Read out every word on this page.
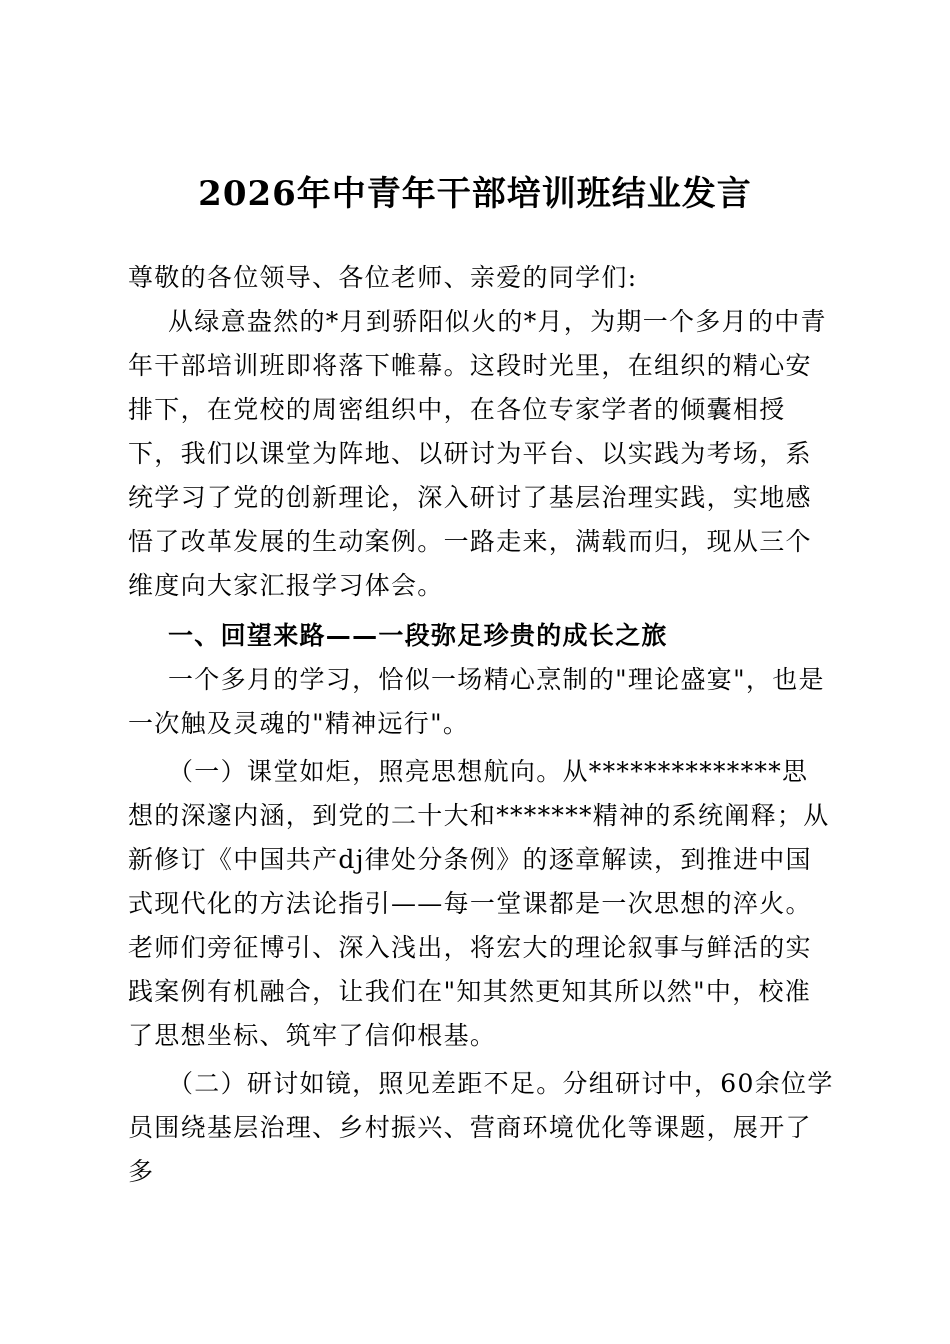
2026年中青年干部培训班结业发言

尊敬的各位领导、各位老师、亲爱的同学们:

从绿意盎然的*月到骄阳似火的*月，为期一个多月的中青年干部培训班即将落下帷幕。这段时光里，在组织的精心安排下，在党校的周密组织中，在各位专家学者的倾囊相授下，我们以课堂为阵地、以研讨为平台、以实践为考场，系统学习了党的创新理论，深入研讨了基层治理实践，实地感悟了改革发展的生动案例。一路走来，满载而归，现从三个维度向大家汇报学习体会。

一、回望来路——一段弥足珍贵的成长之旅

一个多月的学习，恰似一场精心烹制的"理论盛宴"，也是一次触及灵魂的"精神远行"。

（一）课堂如炬，照亮思想航向。从**************思想的深邃内涵，到党的二十大和*******精神的系统阐释；从新修订《中国共产dj律处分条例》的逐章解读，到推进中国式现代化的方法论指引——每一堂课都是一次思想的淬火。老师们旁征博引、深入浅出，将宏大的理论叙事与鲜活的实践案例有机融合，让我们在"知其然更知其所以然"中，校准了思想坐标、筑牢了信仰根基。

（二）研讨如镜，照见差距不足。分组研讨中，60余位学员围绕基层治理、乡村振兴、营商环境优化等课题，展开了多
